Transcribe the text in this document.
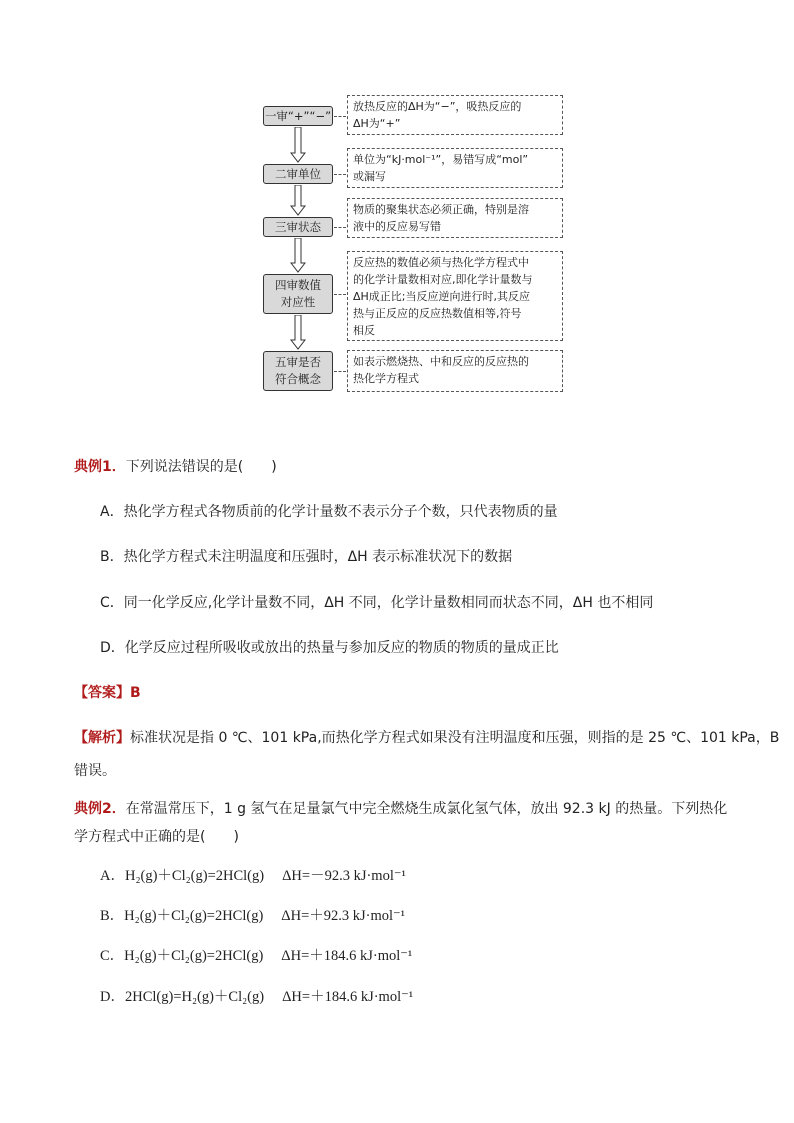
一审“+”“−”
二审单位
三审状态
四审数值
对应性
五审是否
符合概念
放热反应的ΔH为“−”，吸热反应的
ΔH为“+”
单位为“kJ·mol⁻¹”，易错写成“mol”
或漏写
物质的聚集状态必须正确，特别是溶
液中的反应易写错
反应热的数值必须与热化学方程式中
的化学计量数相对应,即化学计量数与
ΔH成正比;当反应逆向进行时,其反应
热与正反应的反应热数值相等,符号
相反
如表示燃烧热、中和反应的反应热的
热化学方程式
典例1．下列说法错误的是(　　)
A．热化学方程式各物质前的化学计量数不表示分子个数，只代表物质的量
B．热化学方程式未注明温度和压强时，ΔH 表示标准状况下的数据
C．同一化学反应,化学计量数不同，ΔH 不同，化学计量数相同而状态不同，ΔH 也不相同
D．化学反应过程所吸收或放出的热量与参加反应的物质的物质的量成正比
【答案】B
【解析】标准状况是指 0 ℃、101 kPa,而热化学方程式如果没有注明温度和压强，则指的是 25 ℃、101 kPa，B
错误。
典例2．在常温常压下，1 g 氢气在足量氯气中完全燃烧生成氯化氢气体，放出 92.3 kJ 的热量。下列热化
学方程式中正确的是(　　)
A．H₂(g)＋Cl₂(g)=2HCl(g) ΔH=－92.3 kJ·mol⁻¹
B．H₂(g)＋Cl₂(g)=2HCl(g) ΔH=＋92.3 kJ·mol⁻¹
C．H₂(g)＋Cl₂(g)=2HCl(g) ΔH=＋184.6 kJ·mol⁻¹
D．2HCl(g)=H₂(g)＋Cl₂(g) ΔH=＋184.6 kJ·mol⁻¹
